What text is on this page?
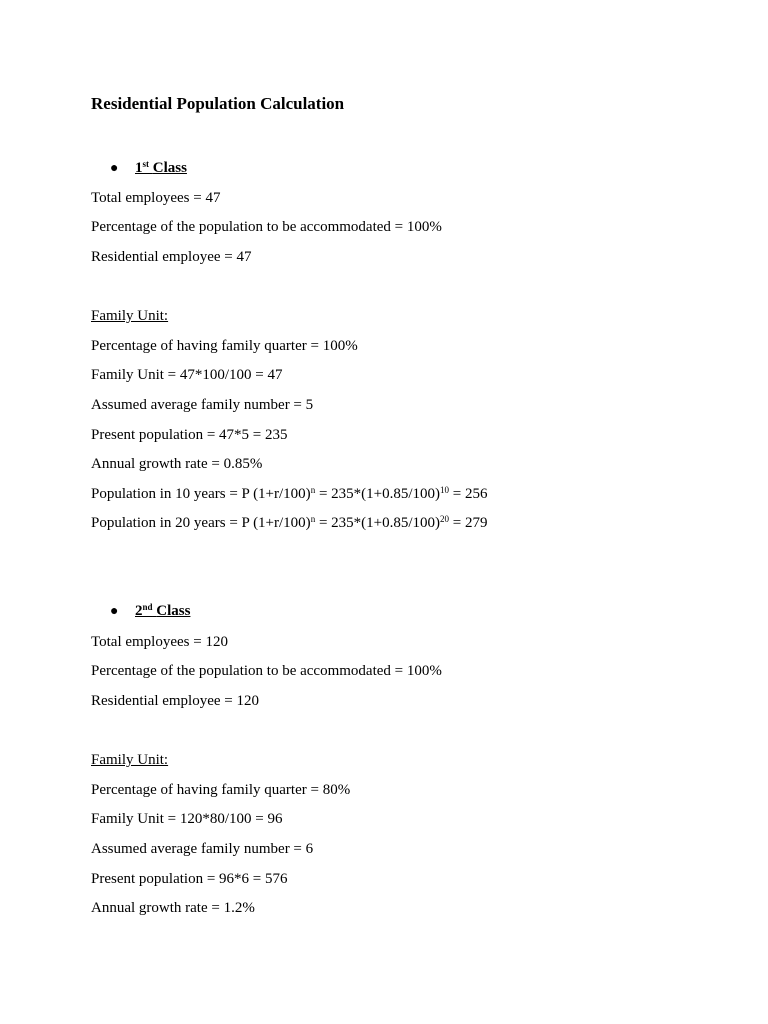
Residential Population Calculation
● 1st Class
Total employees = 47
Percentage of the population to be accommodated = 100%
Residential employee = 47
Family Unit:
Percentage of having family quarter = 100%
Family Unit = 47*100/100 = 47
Assumed average family number = 5
Present population = 47*5 = 235
Annual growth rate = 0.85%
Population in 10 years = P $(1+r/100)^n = 235*(1+0.85/100)^{10} = 256$
Population in 20 years = P $(1+r/100)^n = 235*(1+0.85/100)^{20} = 279$
● 2nd Class
Total employees = 120
Percentage of the population to be accommodated = 100%
Residential employee = 120
Family Unit:
Percentage of having family quarter = 80%
Family Unit = 120*80/100 = 96
Assumed average family number = 6
Present population = 96*6 = 576
Annual growth rate = 1.2%
